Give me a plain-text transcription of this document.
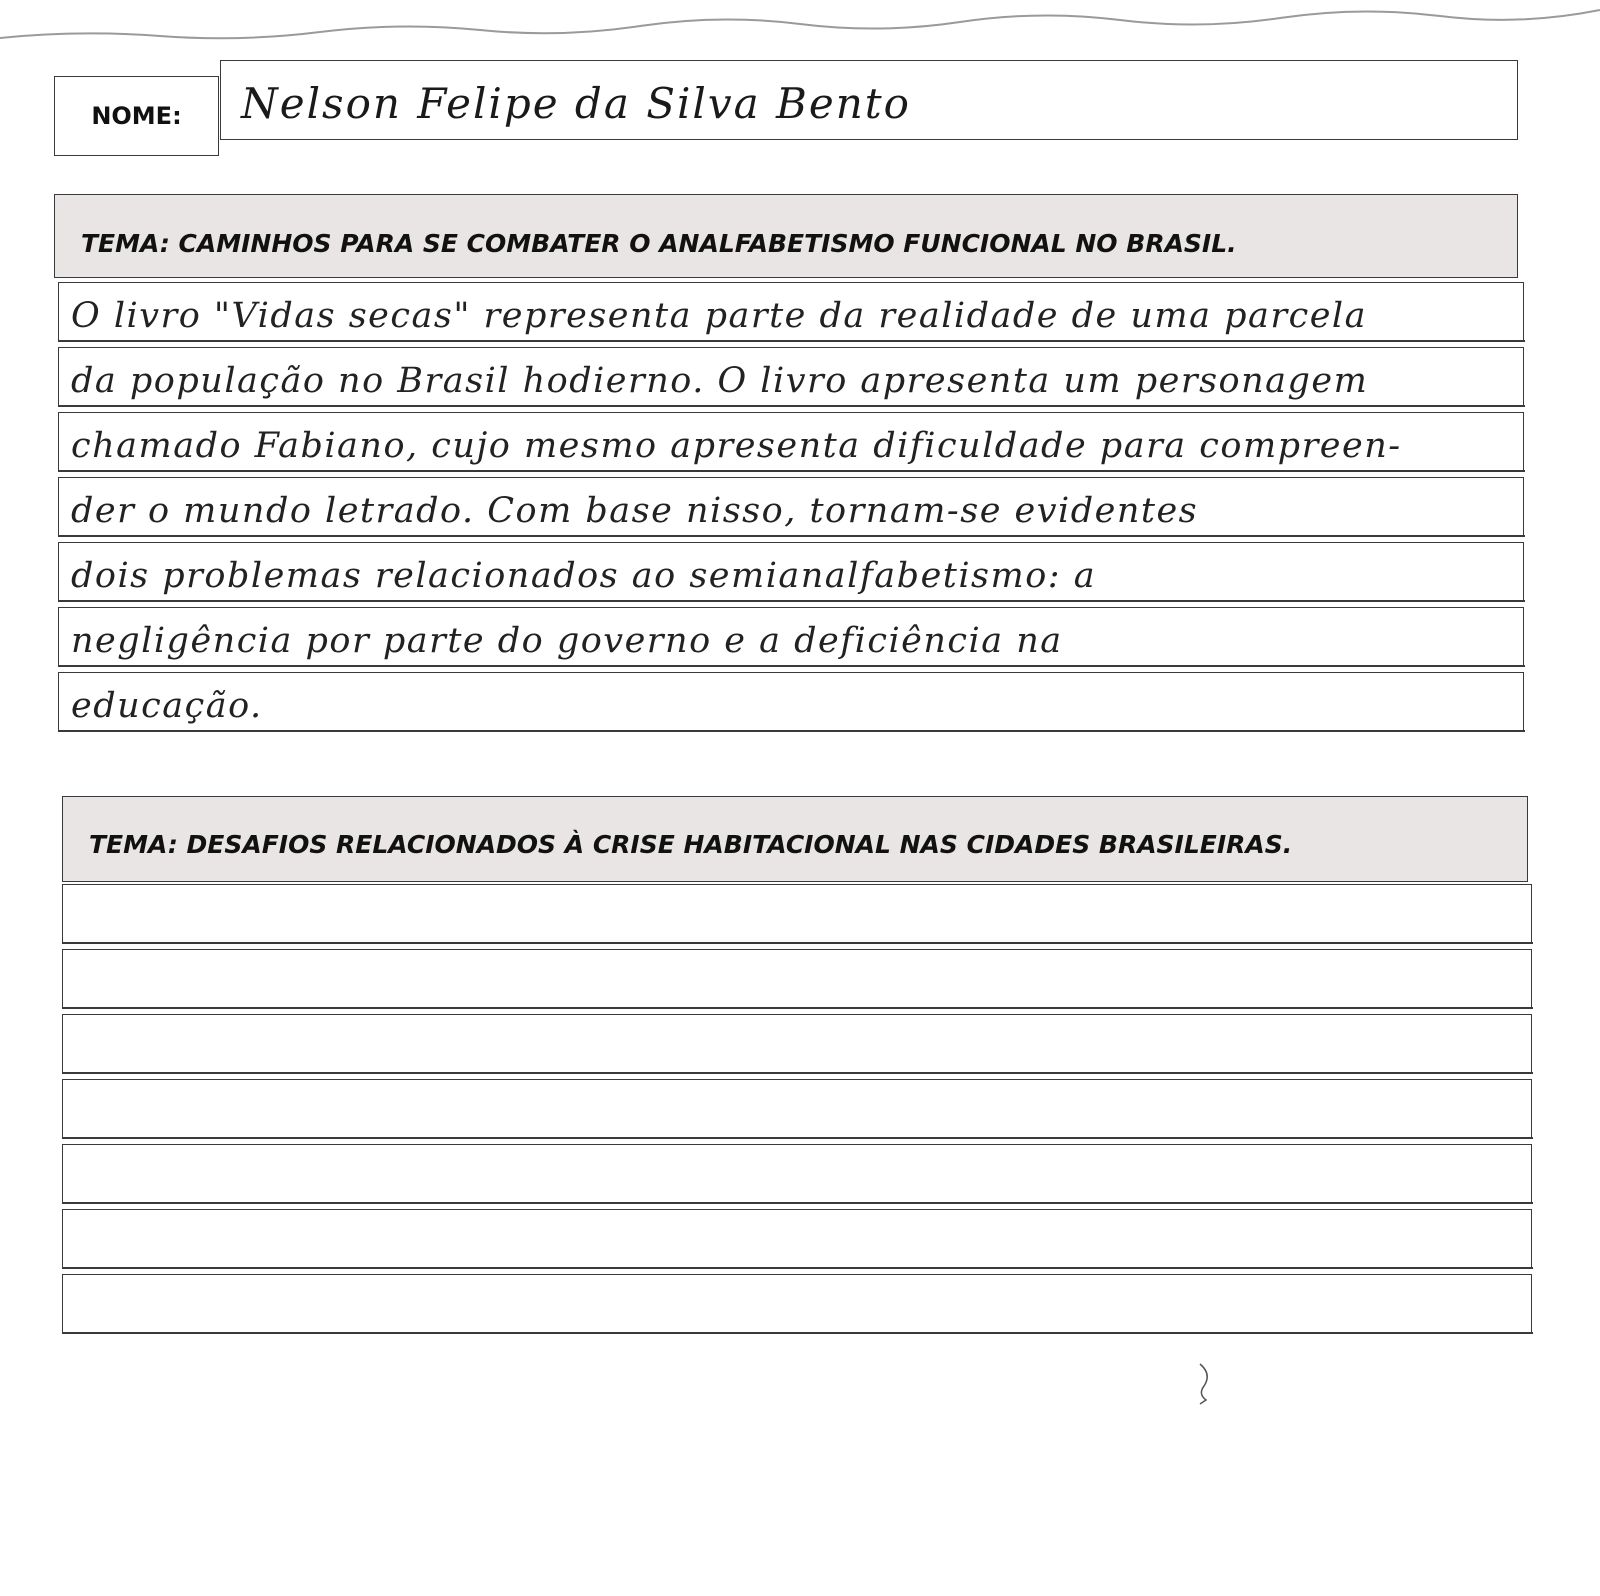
NOME:	Nelson Felipe da Silva Bento
TEMA: CAMINHOS PARA SE COMBATER O ANALFABETISMO FUNCIONAL NO BRASIL.
O livro "Vidas secas" representa parte da realidade de uma parcela
da população no Brasil hodierno. O livro apresenta um personagem
chamado Fabiano, cujo mesmo apresenta dificuldade para compreen-
der o mundo letrado. Com base nisso, tornam-se evidentes
dois problemas relacionados ao semianalfabetismo: a
negligência por parte do governo e a deficiência na
educação.
TEMA: DESAFIOS RELACIONADOS À CRISE HABITACIONAL NAS CIDADES BRASILEIRAS.
